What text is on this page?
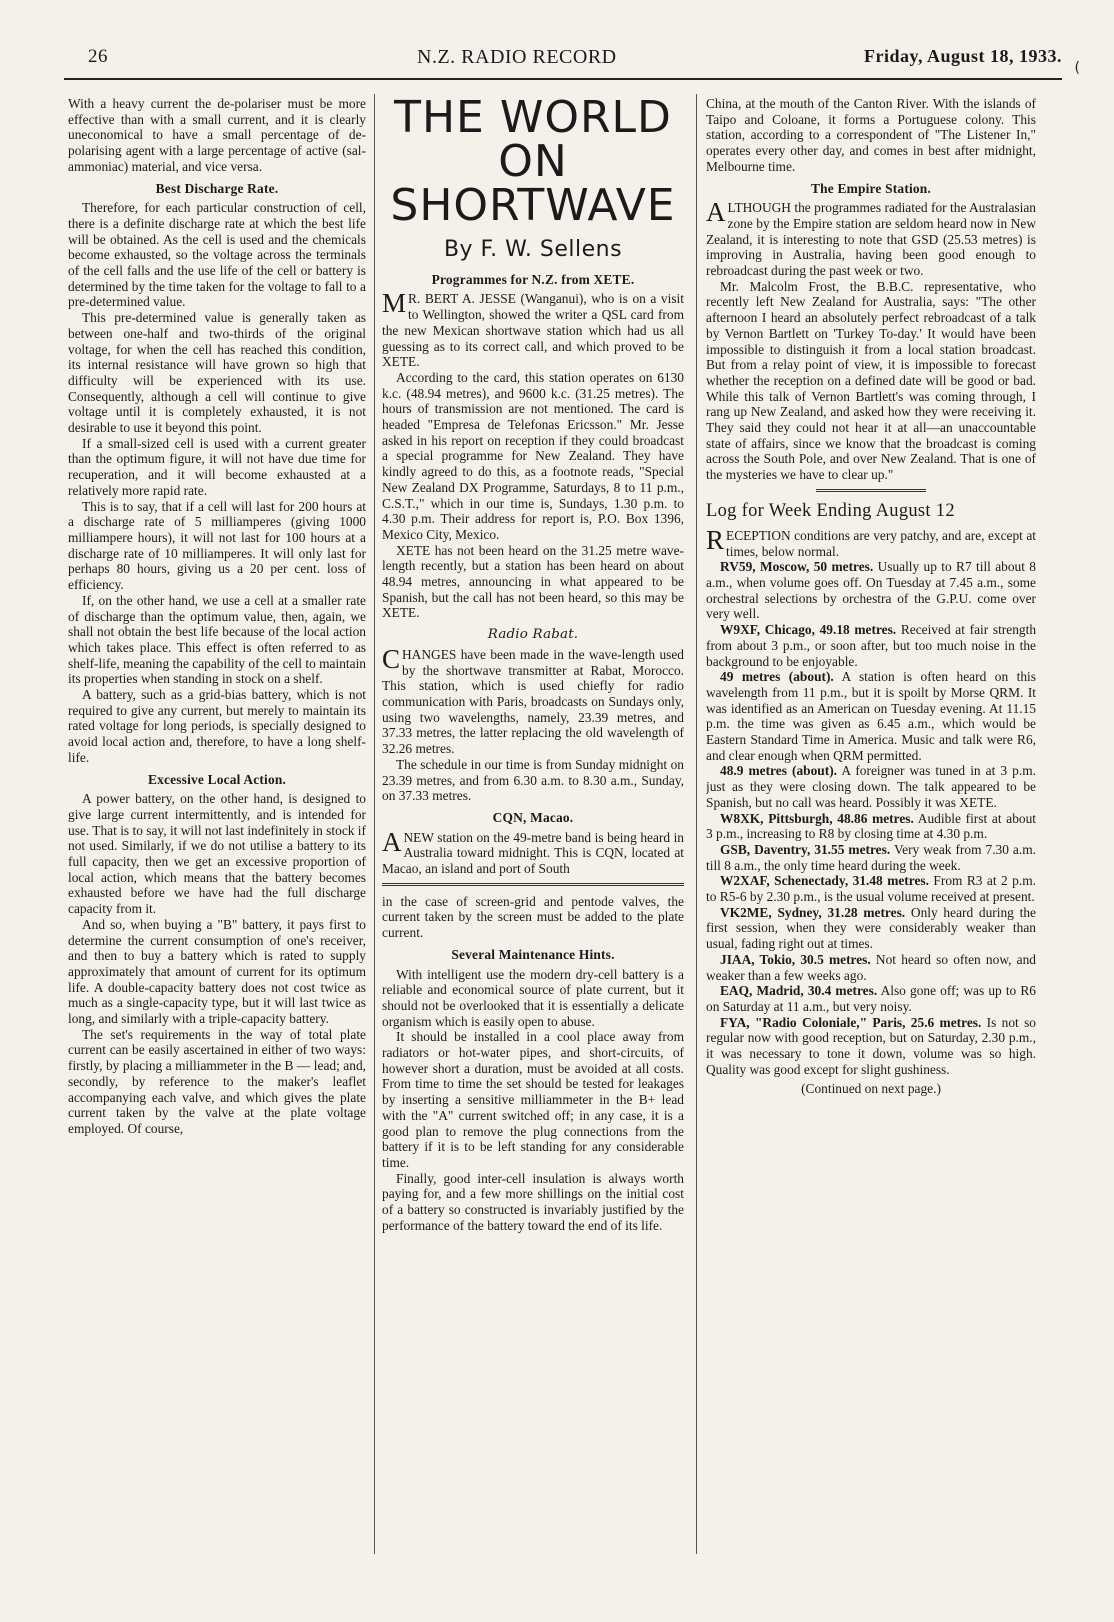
26	N.Z. RADIO RECORD	Friday, August 18, 1933.

With a heavy current the de-polariser must be more effective than with a small current, and it is clearly uneconomical to have a small percentage of de-polarising agent with a large percentage of active (sal-ammoniac) material, and vice versa.

Best Discharge Rate.

Therefore, for each particular construction of cell, there is a definite discharge rate at which the best life will be obtained. As the cell is used and the chemicals become exhausted, so the voltage across the terminals of the cell falls and the use life of the cell or battery is determined by the time taken for the voltage to fall to a pre-determined value.

This pre-determined value is generally taken as between one-half and two-thirds of the original voltage, for when the cell has reached this condition, its internal resistance will have grown so high that difficulty will be experienced with its use. Consequently, although a cell will continue to give voltage until it is completely exhausted, it is not desirable to use it beyond this point.

If a small-sized cell is used with a current greater than the optimum figure, it will not have due time for recuperation, and it will become exhausted at a relatively more rapid rate.

This is to say, that if a cell will last for 200 hours at a discharge rate of 5 milliamperes (giving 1000 milliampere hours), it will not last for 100 hours at a discharge rate of 10 milliamperes. It will only last for perhaps 80 hours, giving us a 20 per cent. loss of efficiency.

If, on the other hand, we use a cell at a smaller rate of discharge than the optimum value, then, again, we shall not obtain the best life because of the local action which takes place. This effect is often referred to as shelf-life, meaning the capability of the cell to maintain its properties when standing in stock on a shelf.

A battery, such as a grid-bias battery, which is not required to give any current, but merely to maintain its rated voltage for long periods, is specially designed to avoid local action and, therefore, to have a long shelf-life.

Excessive Local Action.

A power battery, on the other hand, is designed to give large current intermittently, and is intended for use. That is to say, it will not last indefinitely in stock if not used. Similarly, if we do not utilise a battery to its full capacity, then we get an excessive proportion of local action, which means that the battery becomes exhausted before we have had the full discharge capacity from it.

And so, when buying a "B" battery, it pays first to determine the current consumption of one's receiver, and then to buy a battery which is rated to supply approximately that amount of current for its optimum life. A double-capacity battery does not cost twice as much as a single-capacity type, but it will last twice as long, and similarly with a triple-capacity battery.

The set's requirements in the way of total plate current can be easily ascertained in either of two ways: firstly, by placing a milliammeter in the B — lead; and, secondly, by reference to the maker's leaflet accompanying each valve, and which gives the plate current taken by the valve at the plate voltage employed. Of course,

THE WORLD
ON
SHORTWAVE
By F. W. Sellens
Programmes for N.Z. from XETE.

M R. BERT A. JESSE (Wanganui), who is on a visit to Wellington, showed the writer a QSL card from the new Mexican shortwave station which had us all guessing as to its correct call, and which proved to be XETE.

According to the card, this station operates on 6130 k.c. (48.94 metres), and 9600 k.c. (31.25 metres). The hours of transmission are not mentioned. The card is headed "Empresa de Telefonas Ericsson." Mr. Jesse asked in his report on reception if they could broadcast a special programme for New Zealand. They have kindly agreed to do this, as a footnote reads, "Special New Zealand DX Programme, Saturdays, 8 to 11 p.m., C.S.T.," which in our time is, Sundays, 1.30 p.m. to 4.30 p.m. Their address for report is, P.O. Box 1396, Mexico City, Mexico.

XETE has not been heard on the 31.25 metre wave-length recently, but a station has been heard on about 48.94 metres, announcing in what appeared to be Spanish, but the call has not been heard, so this may be XETE.

Radio Rabat.

CHANGES have been made in the wave-length used by the shortwave transmitter at Rabat, Morocco. This station, which is used chiefly for radio communication with Paris, broadcasts on Sundays only, using two wavelengths, namely, 23.39 metres, and 37.33 metres, the latter replacing the old wavelength of 32.26 metres.

The schedule in our time is from Sunday midnight on 23.39 metres, and from 6.30 a.m. to 8.30 a.m., Sunday, on 37.33 metres.

CQN, Macao.

A NEW station on the 49-metre band is being heard in Australia toward midnight. This is CQN, located at Macao, an island and port of South

in the case of screen-grid and pentode valves, the current taken by the screen must be added to the plate current.

Several Maintenance Hints.

With intelligent use the modern dry-cell battery is a reliable and economical source of plate current, but it should not be overlooked that it is essentially a delicate organism which is easily open to abuse.

It should be installed in a cool place away from radiators or hot-water pipes, and short-circuits, of however short a duration, must be avoided at all costs. From time to time the set should be tested for leakages by inserting a sensitive milliammeter in the B+ lead with the "A" current switched off; in any case, it is a good plan to remove the plug connections from the battery if it is to be left standing for any considerable time.

Finally, good inter-cell insulation is always worth paying for, and a few more shillings on the initial cost of a battery so constructed is invariably justified by the performance of the battery toward the end of its life.

China, at the mouth of the Canton River. With the islands of Taipo and Coloane, it forms a Portuguese colony. This station, according to a correspondent of "The Listener In," operates every other day, and comes in best after midnight, Melbourne time.

The Empire Station.

ALTHOUGH the programmes radiated for the Australasian zone by the Empire station are seldom heard now in New Zealand, it is interesting to note that GSD (25.53 metres) is improving in Australia, having been good enough to rebroadcast during the past week or two.

Mr. Malcolm Frost, the B.B.C. representative, who recently left New Zealand for Australia, says: "The other afternoon I heard an absolutely perfect rebroadcast of a talk by Vernon Bartlett on 'Turkey To-day.' It would have been impossible to distinguish it from a local station broadcast. But from a relay point of view, it is impossible to forecast whether the reception on a defined date will be good or bad. While this talk of Vernon Bartlett's was coming through, I rang up New Zealand, and asked how they were receiving it. They said they could not hear it at all—an unaccountable state of affairs, since we know that the broadcast is coming across the South Pole, and over New Zealand. That is one of the mysteries we have to clear up."

Log for Week Ending August 12

RECEPTION conditions are very patchy, and are, except at times, below normal.

RV59, Moscow, 50 metres. Usually up to R7 till about 8 a.m., when volume goes off. On Tuesday at 7.45 a.m., some orchestral selections by orchestra of the G.P.U. come over very well.

W9XF, Chicago, 49.18 metres. Received at fair strength from about 3 p.m., or soon after, but too much noise in the background to be enjoyable.

49 metres (about). A station is often heard on this wavelength from 11 p.m., but it is spoilt by Morse QRM. It was identified as an American on Tuesday evening. At 11.15 p.m. the time was given as 6.45 a.m., which would be Eastern Standard Time in America. Music and talk were R6, and clear enough when QRM permitted.

48.9 metres (about). A foreigner was tuned in at 3 p.m. just as they were closing down. The talk appeared to be Spanish, but no call was heard. Possibly it was XETE.

W8XK, Pittsburgh, 48.86 metres. Audible first at about 3 p.m., increasing to R8 by closing time at 4.30 p.m.

GSB, Daventry, 31.55 metres. Very weak from 7.30 a.m. till 8 a.m., the only time heard during the week.

W2XAF, Schenectady, 31.48 metres. From R3 at 2 p.m. to R5-6 by 2.30 p.m., is the usual volume received at present.

VK2ME, Sydney, 31.28 metres. Only heard during the first session, when they were considerably weaker than usual, fading right out at times.

JIAA, Tokio, 30.5 metres. Not heard so often now, and weaker than a few weeks ago.

EAQ, Madrid, 30.4 metres. Also gone off; was up to R6 on Saturday at 11 a.m., but very noisy.

FYA, "Radio Coloniale," Paris, 25.6 metres. Is not so regular now with good reception, but on Saturday, 2.30 p.m., it was necessary to tone it down, volume was so high. Quality was good except for slight gushiness.

(Continued on next page.)
(
